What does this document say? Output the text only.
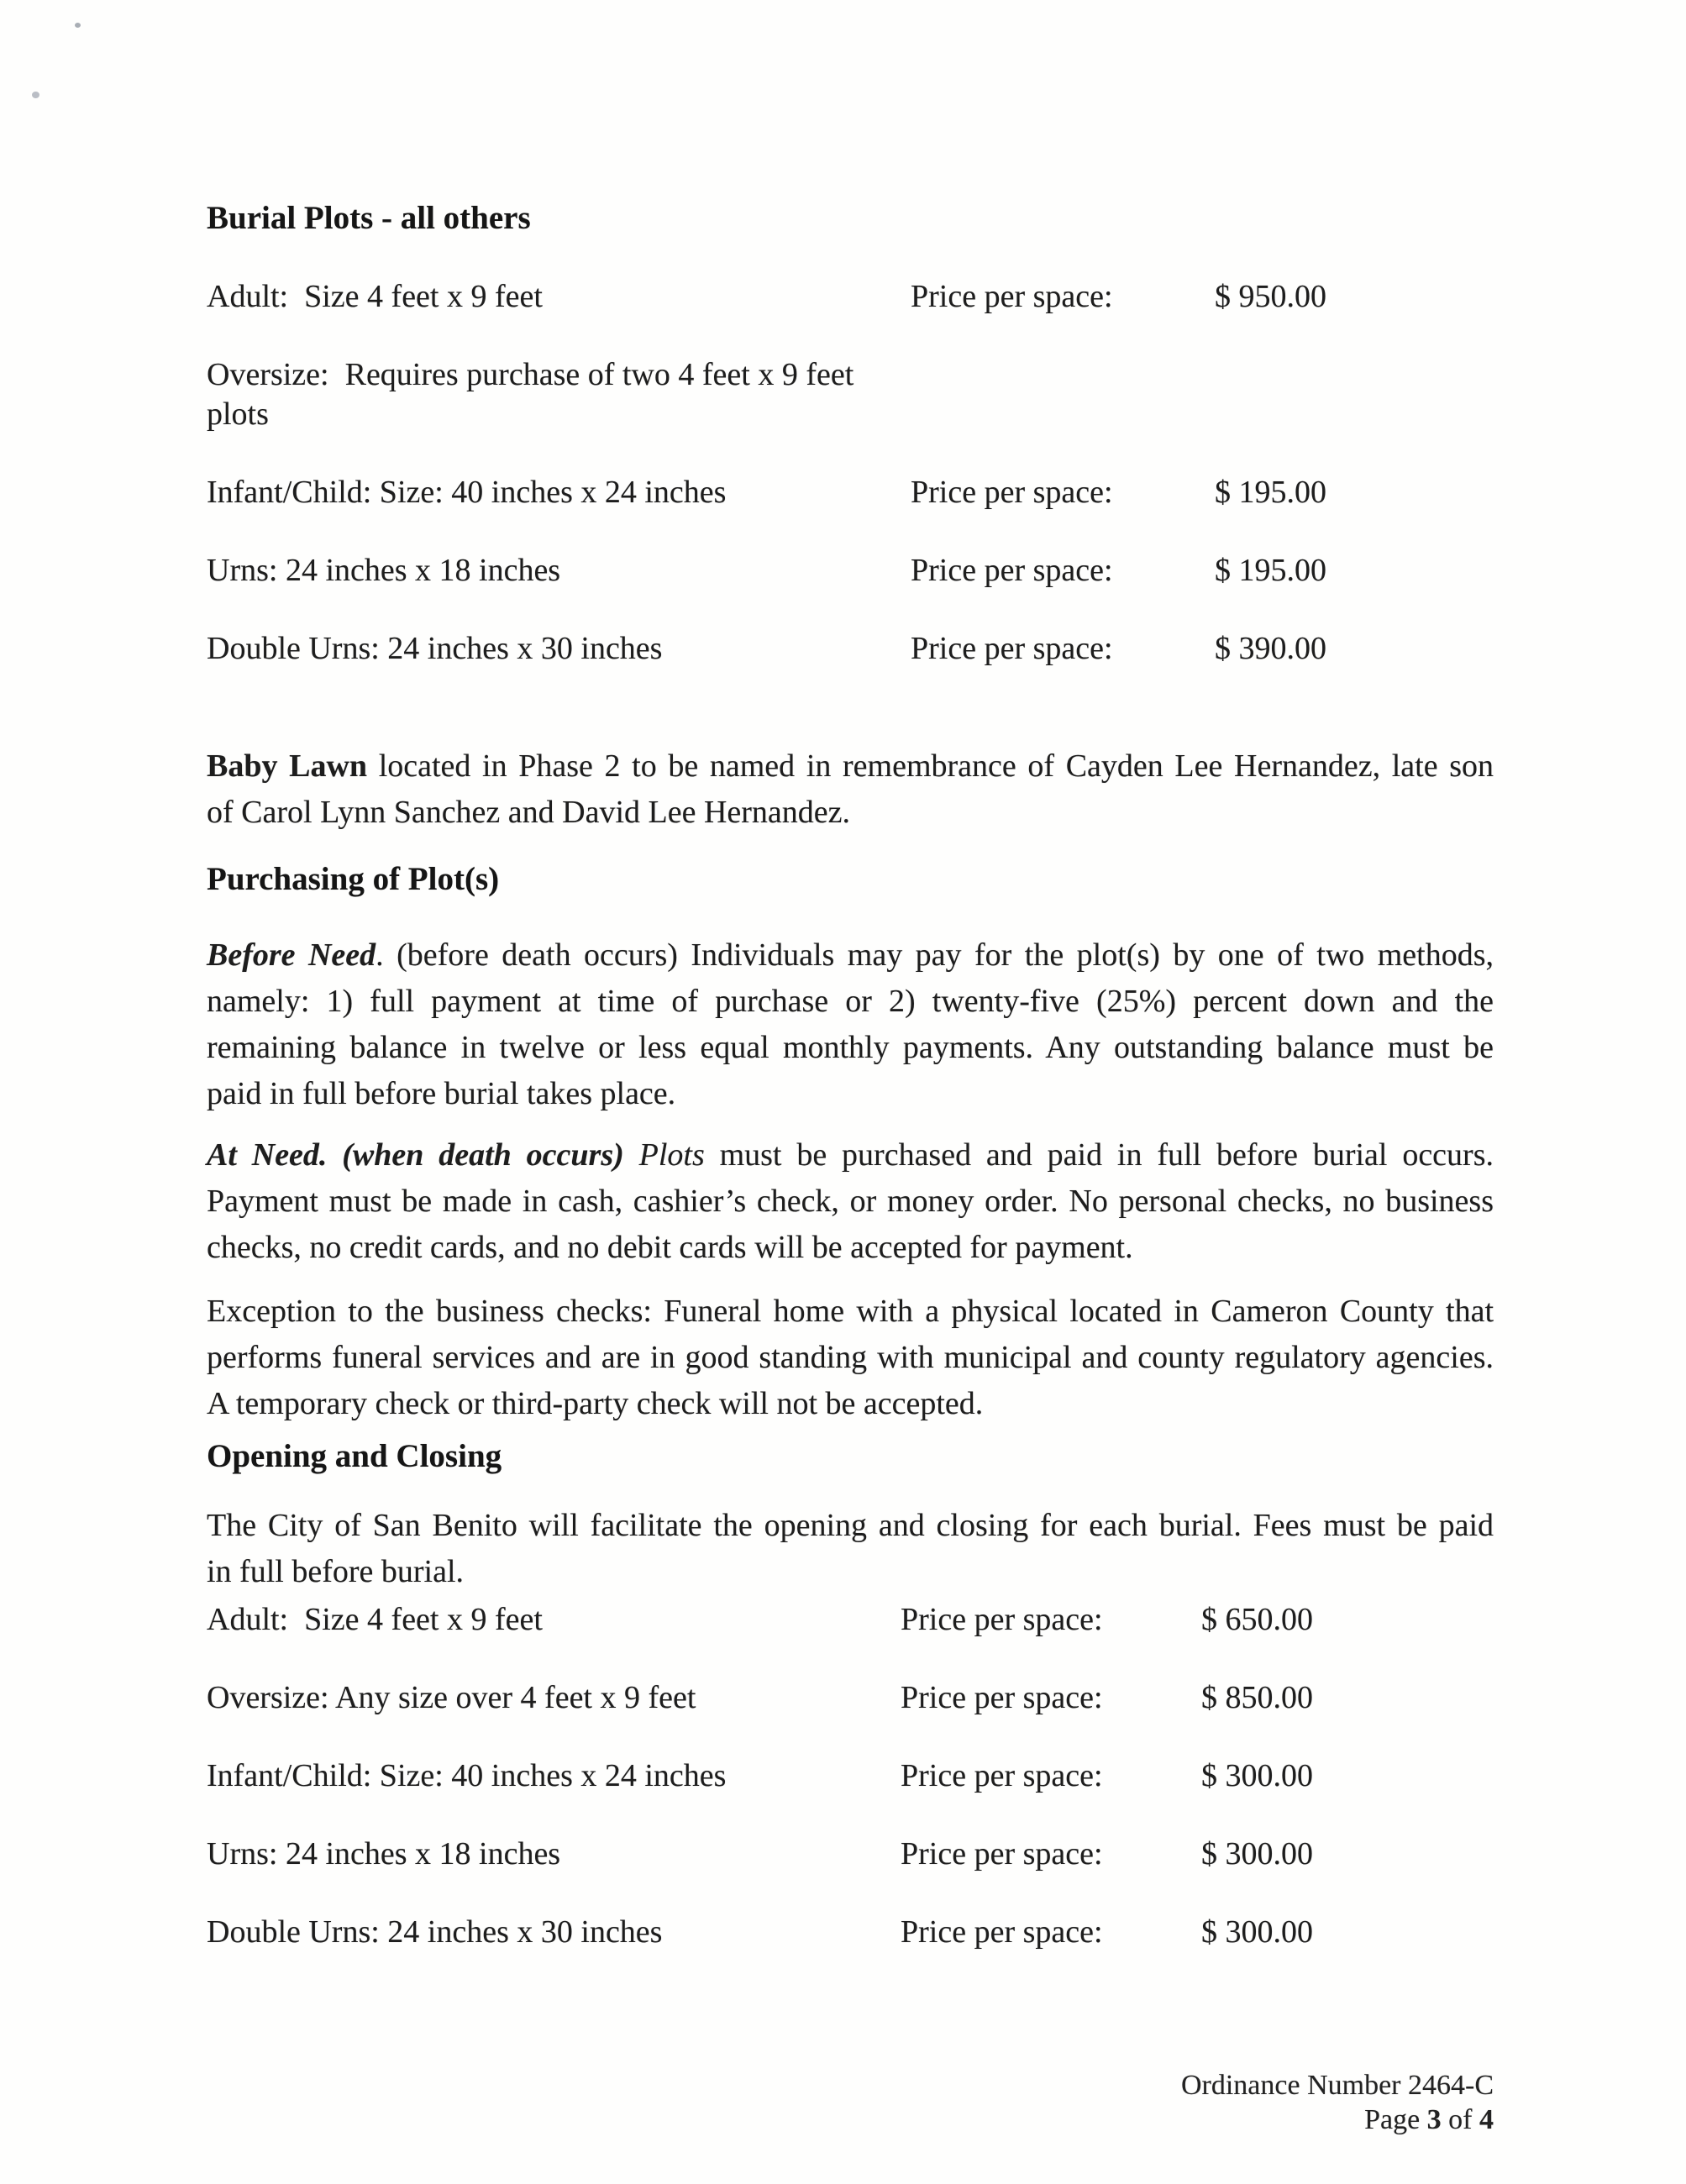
Burial Plots - all others
Adult:  Size 4 feet x 9 feet	Price per space:	$ 950.00
Oversize:  Requires purchase of two 4 feet x 9 feet plots
Infant/Child: Size: 40 inches x 24 inches	Price per space:	$ 195.00
Urns: 24 inches x 18 inches	Price per space:	$ 195.00
Double Urns: 24 inches x 30 inches	Price per space:	$ 390.00
Baby Lawn located in Phase 2 to be named in remembrance of Cayden Lee Hernandez, late son
of Carol Lynn Sanchez and David Lee Hernandez.
Purchasing of Plot(s)
Before Need. (before death occurs) Individuals may pay for the plot(s) by one of two methods,
namely: 1) full payment at time of purchase or 2) twenty-five (25%) percent down and the
remaining balance in twelve or less equal monthly payments. Any outstanding balance must be
paid in full before burial takes place.
At Need. (when death occurs) Plots must be purchased and paid in full before burial occurs.
Payment must be made in cash, cashier’s check, or money order. No personal checks, no business
checks, no credit cards, and no debit cards will be accepted for payment.
Exception to the business checks: Funeral home with a physical located in Cameron County that
performs funeral services and are in good standing with municipal and county regulatory agencies.
A temporary check or third-party check will not be accepted.
Opening and Closing
The City of San Benito will facilitate the opening and closing for each burial. Fees must be paid
in full before burial.
Adult:  Size 4 feet x 9 feet	Price per space:	$ 650.00
Oversize: Any size over 4 feet x 9 feet	Price per space:	$ 850.00
Infant/Child: Size: 40 inches x 24 inches	Price per space:	$ 300.00
Urns: 24 inches x 18 inches	Price per space:	$ 300.00
Double Urns: 24 inches x 30 inches	Price per space:	$ 300.00
Ordinance Number 2464-C
Page 3 of 4
